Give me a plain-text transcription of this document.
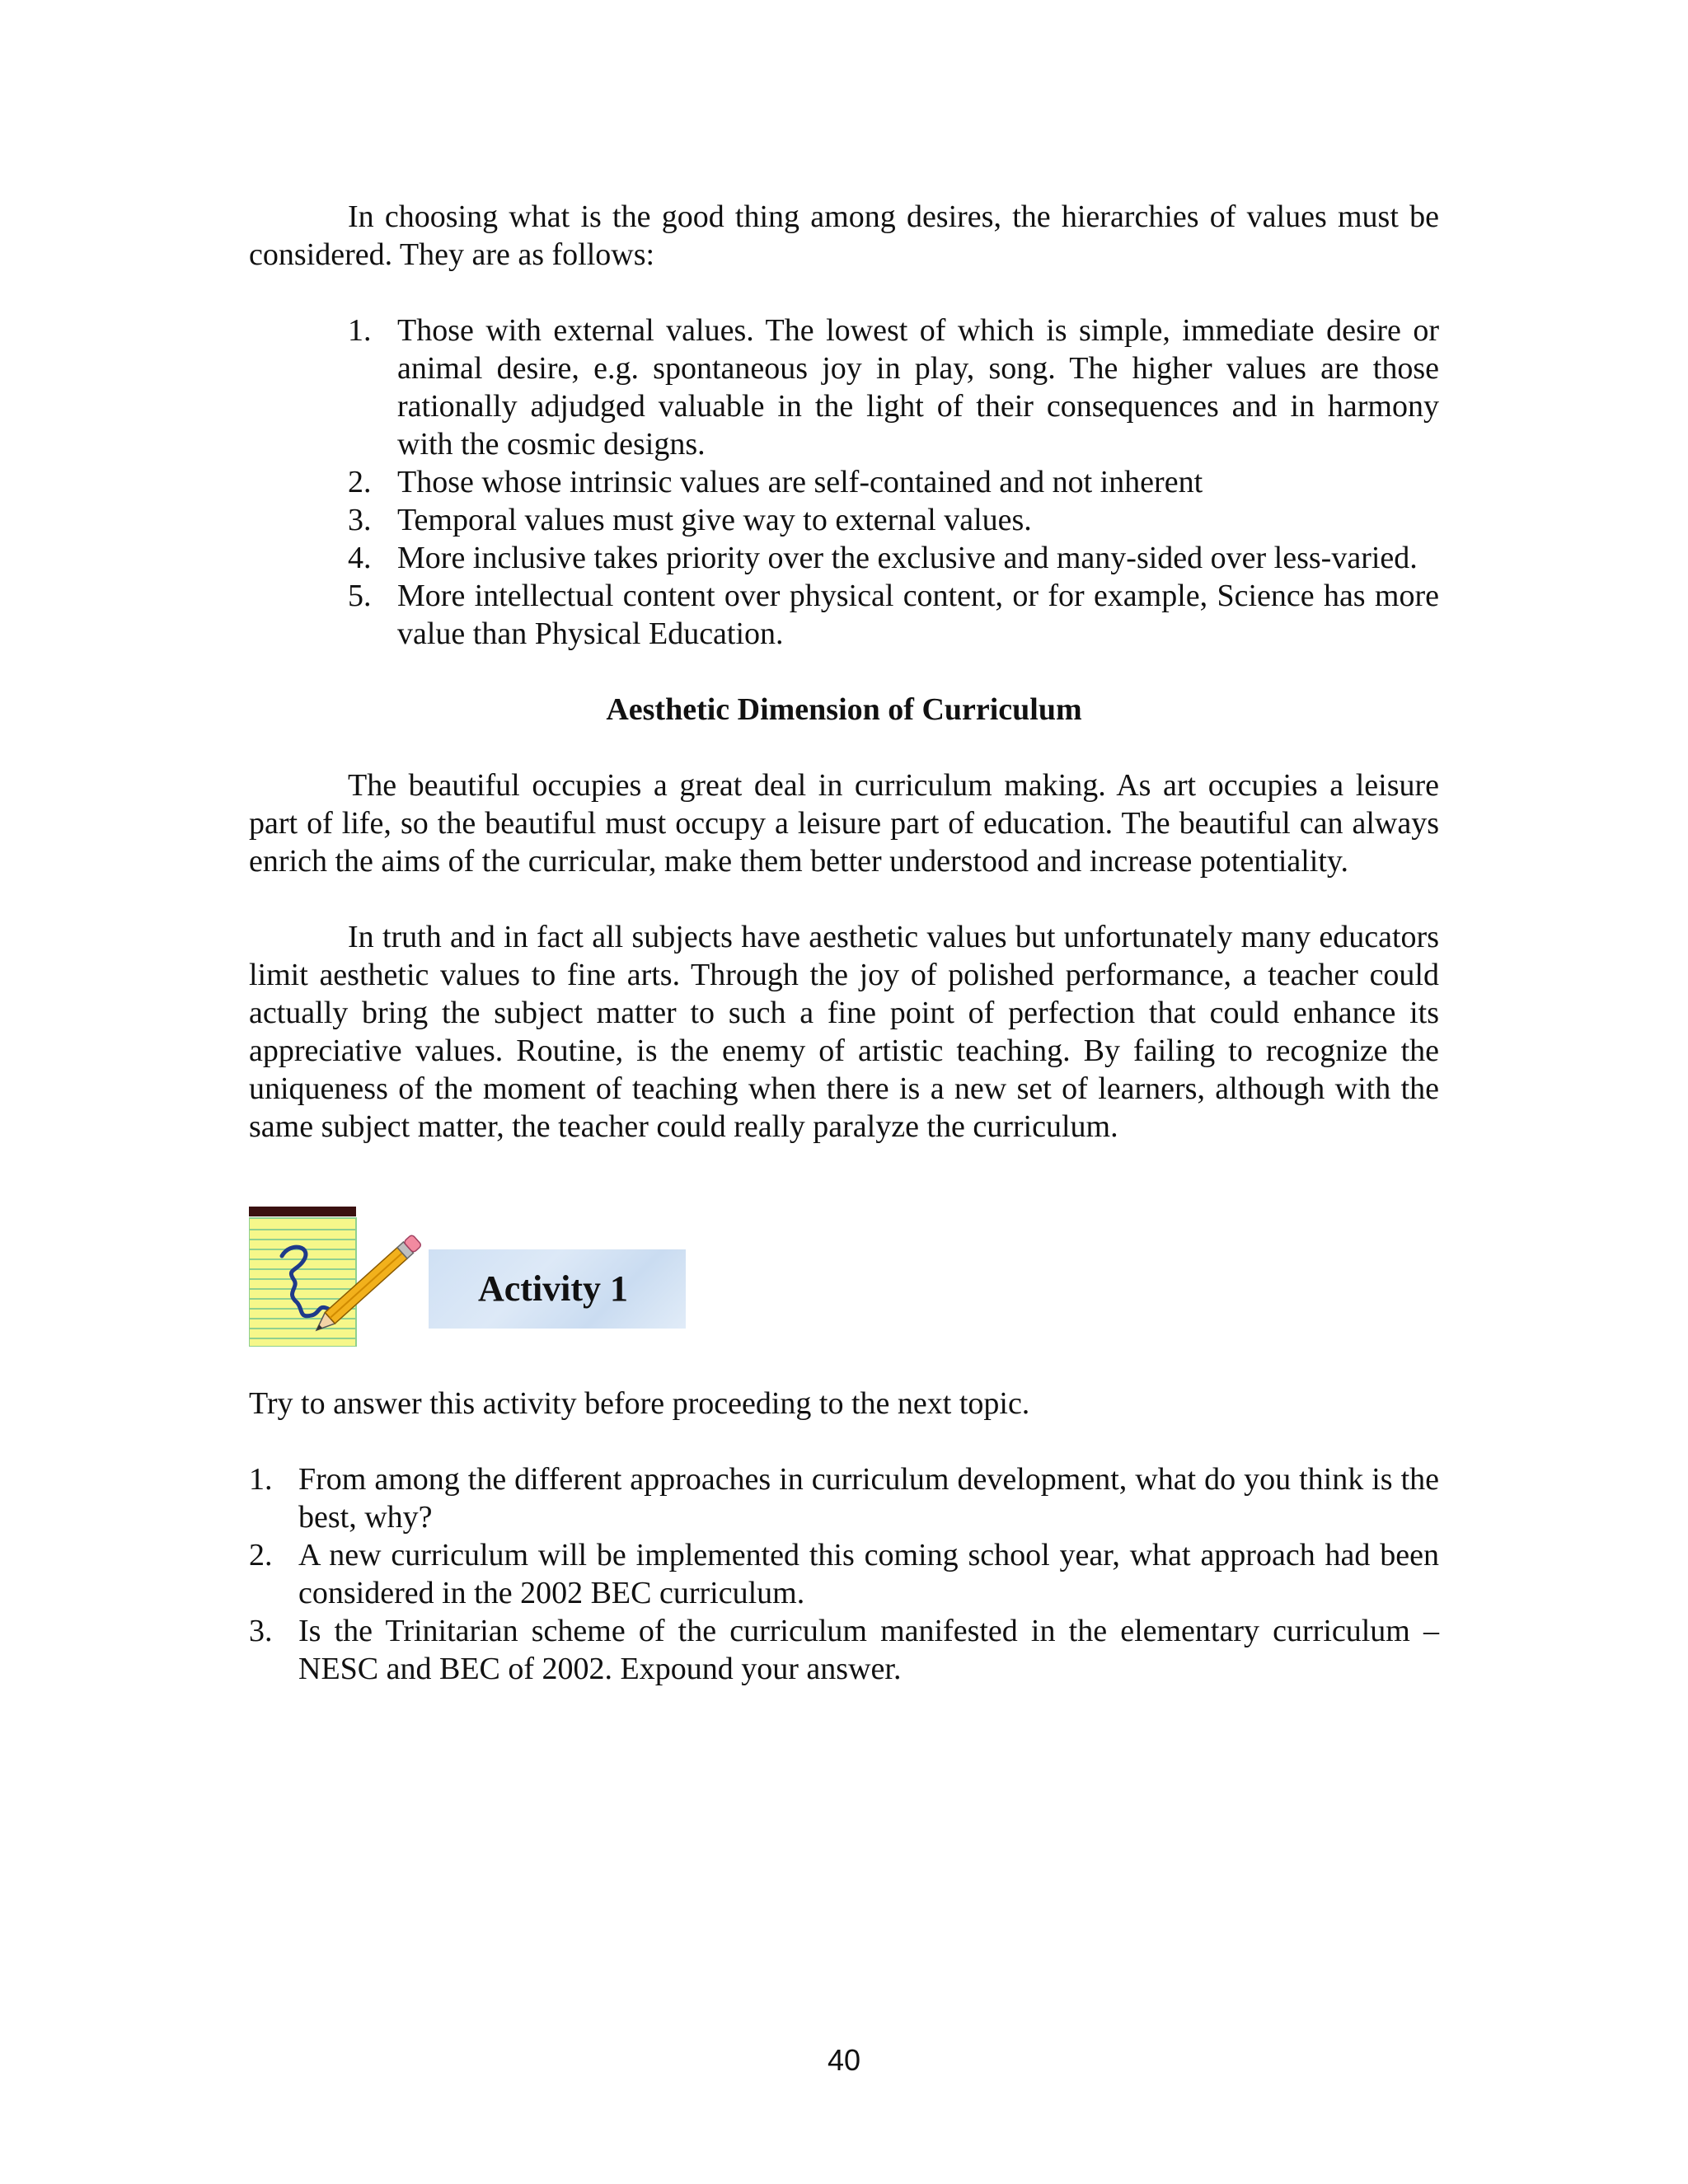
In choosing what is the good thing among desires, the hierarchies of values must be considered. They are as follows:

1. Those with external values. The lowest of which is simple, immediate desire or animal desire, e.g. spontaneous joy in play, song. The higher values are those rationally adjudged valuable in the light of their consequences and in harmony with the cosmic designs.
2. Those whose intrinsic values are self-contained and not inherent
3. Temporal values must give way to external values.
4. More inclusive takes priority over the exclusive and many-sided over less-varied.
5. More intellectual content over physical content, or for example, Science has more value than Physical Education.
Aesthetic Dimension of Curriculum

The beautiful occupies a great deal in curriculum making. As art occupies a leisure part of life, so the beautiful must occupy a leisure part of education. The beautiful can always enrich the aims of the curricular, make them better understood and increase potentiality.

In truth and in fact all subjects have aesthetic values but unfortunately many educators limit aesthetic values to fine arts. Through the joy of polished performance, a teacher could actually bring the subject matter to such a fine point of perfection that could enhance its appreciative values. Routine, is the enemy of artistic teaching. By failing to recognize the uniqueness of the moment of teaching when there is a new set of learners, although with the same subject matter, the teacher could really paralyze the curriculum.

Activity 1

Try to answer this activity before proceeding to the next topic.

1. From among the different approaches in curriculum development, what do you think is the best, why?
2. A new curriculum will be implemented this coming school year, what approach had been considered in the 2002 BEC curriculum.
3. Is the Trinitarian scheme of the curriculum manifested in the elementary curriculum – NESC and BEC of 2002. Expound your answer.
40
